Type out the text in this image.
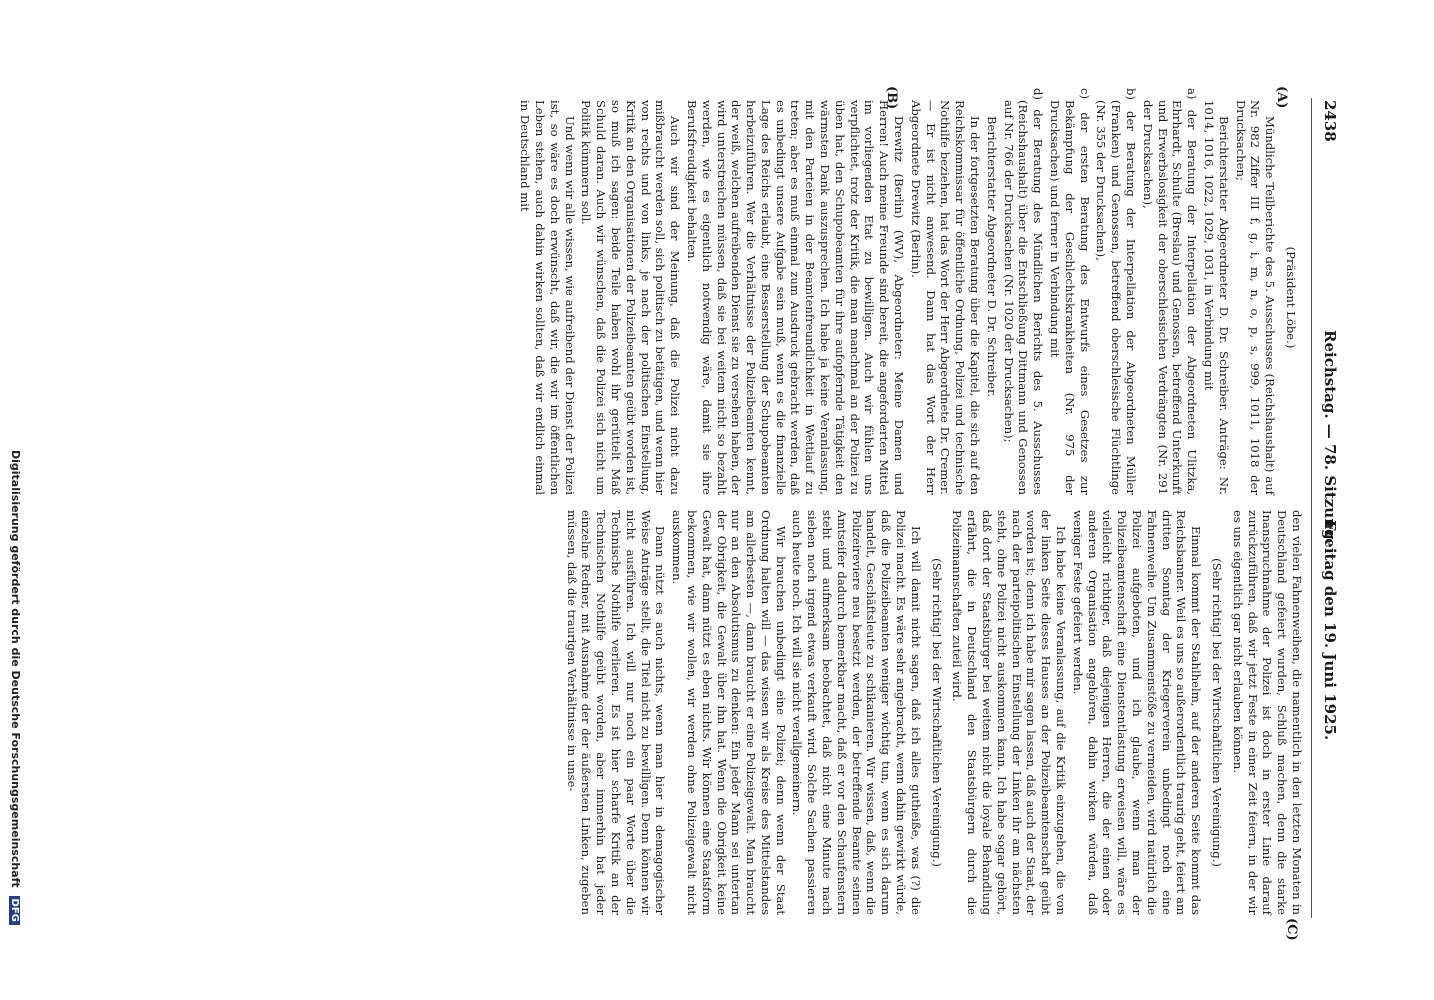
2438
Reichstag. — 78. Sitzung.
Freitag den 19. Juni 1925.
(A)
(B)
(C)

(Präsident Löbe.)

Mündliche Teilberichte des 5. Ausschusses (Reichshaushalt) auf Nr. 982 Ziffer III f, g, i, m, n, o, p, s, 999, 1011, 1018 der Drucksachen;

Berichterstatter Abgeordneter D. Dr. Schreiber. Anträge: Nr. 1014, 1016, 1022, 1029, 1031, in Verbindung mit

a) der Beratung der Interpellation der Abgeordneten Ulitzka, Ehrhardt, Schulte (Breslau) und Genossen, betreffend Unterkunft und Erwerbslosigkeit der oberschlesischen Verdrängten (Nr. 291 der Drucksachen),

b) der Beratung der Interpellation der Abgeordneten Müller (Franken) und Genossen, betreffend oberschlesische Flüchtlinge (Nr. 355 der Drucksachen),

c) der ersten Beratung des Entwurfs eines Gesetzes zur Bekämpfung der Geschlechtskrankheiten (Nr. 975 der Drucksachen) und ferner in Verbindung mit

d) der Beratung des Mündlichen Berichts des 5. Ausschusses (Reichshaushalt) über die Entschließung Dittmann und Genossen auf Nr. 766 der Drucksachen (Nr. 1020 der Drucksachen);

Berichterstatter Abgeordneter D. Dr. Schreiber.

In der fortgesetzten Beratung über die Kapitel, die sich auf den Reichskommissar für öffentliche Ordnung, Polizei und technische Nothilfe beziehen, hat das Wort der Herr Abgeordnete Dr. Cremer. — Er ist nicht anwesend. Dann hat das Wort der Herr Abgeordnete Drewitz (Berlin).

Drewitz (Berlin) (WV), Abgeordneter: Meine Damen und Herren! Auch meine Freunde sind bereit, die angeforderten Mittel im vorliegenden Etat zu bewilligen. Auch wir fühlen uns verpflichtet, trotz der Kritik, die man manchmal an der Polizei zu üben hat, den Schupobeamten für ihre aufopfernde Tätigkeit den wärmsten Dank auszusprechen. Ich habe ja keine Veranlassung, mit den Parteien in der Beamtenfreundlichkeit in Wettlauf zu treten; aber es muß einmal zum Ausdruck gebracht werden, daß es unbedingt unsere Aufgabe sein muß, wenn es die finanzielle Lage des Reichs erlaubt, eine Besserstellung der Schupobeamten herbeizuführen. Wer die Verhältnisse der Polizeibeamten kennt, der weiß, welchen aufreibenden Dienst sie zu versehen haben, der wird unterstreichen müssen, daß sie bei weitem nicht so bezahlt werden, wie es eigentlich notwendig wäre, damit sie ihre Berufsfreudigkeit behalten.

Auch wir sind der Meinung, daß die Polizei nicht dazu mißbraucht werden soll, sich politisch zu betätigen, und wenn hier von rechts und von links, je nach der politischen Einstellung, Kritik an den Organisationen der Polizeibeamten geübt worden ist, so muß ich sagen: beide Teile haben wohl ihr gerüttelt Maß Schuld daran. Auch wir wünschen, daß die Polizei sich nicht um Politik kümmern soll.

Und wenn wir alle wissen, wie aufreibend der Dienst der Polizei ist, so wäre es doch erwünscht, daß wir, die wir im öffentlichen Leben stehen, auch dahin wirken sollten, daß wir endlich einmal in Deutschland mit

den vielen Fahnenweihen, die namentlich in den letzten Monaten in Deutschland gefeiert wurden, Schluß machen, denn die starke Inanspruchnahme der Polizei ist doch in erster Linie darauf zurückzuführen, daß wir jetzt Feste in einer Zeit feiern, in der wir es uns eigentlich gar nicht erlauben können.

(Sehr richtig! bei der Wirtschaftlichen Vereinigung.)

Einmal kommt der Stahlhelm, auf der anderen Seite kommt das Reichsbanner. Weil es uns so außerordentlich traurig geht, feiert am dritten Sonntag der Kriegerverein unbedingt noch eine Fahnenweihe. Um Zusammenstöße zu vermeiden, wird natürlich die Polizei aufgeboten, und ich glaube, wenn man der Polizeibeamtenschaft eine Dienstentlastung erweisen will, wäre es vielleicht richtiger, daß diejenigen Herren, die der einen oder anderen Organisation angehören, dahin wirken würden, daß weniger Feste gefeiert werden.

Ich habe keine Veranlassung, auf die Kritik einzugehen, die von der linken Seite dieses Hauses an der Polizeibeamtenschaft geübt worden ist; denn ich habe mir sagen lassen, daß auch der Staat, der nach der parteipolitischen Einstellung der Linken ihr am nächsten steht, ohne Polizei nicht auskommen kann. Ich habe sogar gehört, daß dort der Staatsbürger bei weitem nicht die loyale Behandlung erfährt, die in Deutschland den Staatsbürgern durch die Polizeimannschaften zuteil wird.

(Sehr richtig! bei der Wirtschaftlichen Vereinigung.)

Ich will damit nicht sagen, daß ich alles gutheiße, was (?) die Polizei macht. Es wäre sehr angebracht, wenn dahin gewirkt würde, daß die Polizeibeamten weniger wichtig tun, wenn es sich darum handelt, Geschäftsleute zu schikanieren. Wir wissen, daß, wenn die Polizeireviere neu besetzt werden, der betreffende Beamte seinen Amtseifer dadurch bemerkbar macht, daß er vor den Schaufenstern steht und aufmerksam beobachtet, daß nicht eine Minute nach sieben noch irgend etwas verkauft wird. Solche Sachen passieren auch heute noch. Ich will sie nicht verallgemeinern.

Wir brauchen unbedingt eine Polizei; denn wenn der Staat Ordnung halten will — das wissen wir als Kreise des Mittelstandes am allerbesten —, dann braucht er eine Polizeigewalt. Man braucht nur an den Absolutismus zu denken: Ein jeder Mann sei untertan der Obrigkeit, die Gewalt über ihn hat. Wenn die Obrigkeit keine Gewalt hat, dann nützt es eben nichts. Wir können eine Staatsform bekommen, wie wir wollen, wir werden ohne Polizeigewalt nicht auskommen.

Dann nützt es auch nichts, wenn man hier in demagogischer Weise Anträge stellt, die Titel nicht zu bewilligen. Denn können wir nicht ausführen. Ich will nur noch ein paar Worte über die Technische Nothilfe verlieren. Es ist hier scharfe Kritik an der Technischen Nothilfe geübt worden, aber immerhin hat jeder einzelne Redner, mit Ausnahme der der äußersten Linken, zugeben müssen, daß die traurigen Verhältnisse in unse-

Digitalisierung gefördert durch die Deutsche Forschungsgemeinschaft DFG
